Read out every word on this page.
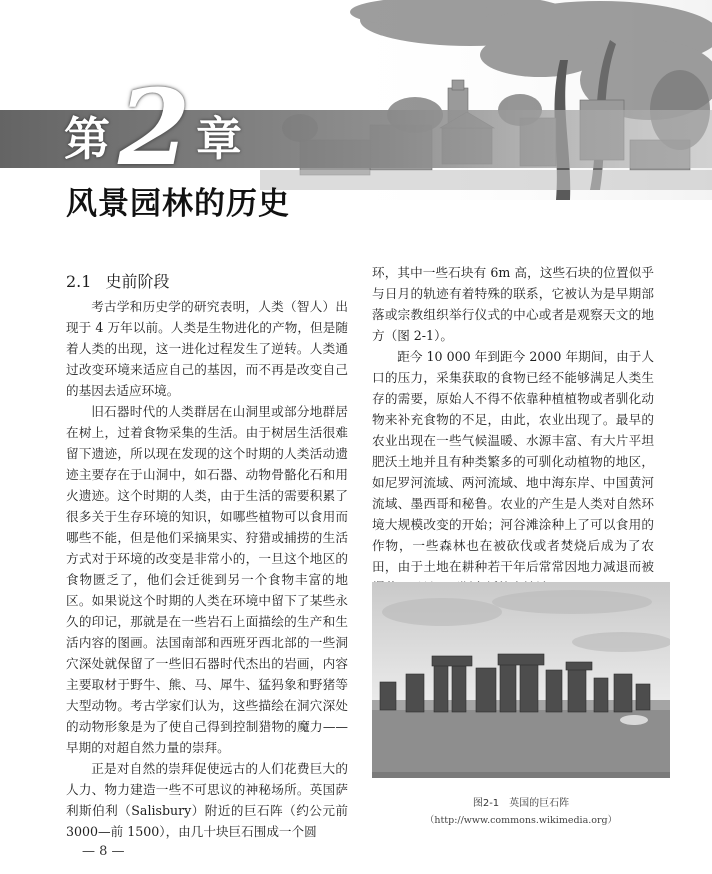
第 2 章
风景园林的历史
2.1 史前阶段

考古学和历史学的研究表明，人类（智人）出现于 4 万年以前。人类是生物进化的产物，但是随着人类的出现，这一进化过程发生了逆转。人类通过改变环境来适应自己的基因，而不再是改变自己的基因去适应环境。

旧石器时代的人类群居在山洞里或部分地群居在树上，过着食物采集的生活。由于树居生活很难留下遗迹，所以现在发现的这个时期的人类活动遗迹主要存在于山洞中，如石器、动物骨骼化石和用火遗迹。这个时期的人类，由于生活的需要积累了很多关于生存环境的知识，如哪些植物可以食用而哪些不能，但是他们采摘果实、狩猎或捕捞的生活方式对于环境的改变是非常小的，一旦这个地区的食物匮乏了，他们会迁徙到另一个食物丰富的地区。如果说这个时期的人类在环境中留下了某些永久的印记，那就是在一些岩石上面描绘的生产和生活内容的图画。法国南部和西班牙西北部的一些洞穴深处就保留了一些旧石器时代杰出的岩画，内容主要取材于野牛、熊、马、犀牛、猛犸象和野猪等大型动物。考古学家们认为，这些描绘在洞穴深处的动物形象是为了使自己得到控制猎物的魔力——早期的对超自然力量的崇拜。

正是对自然的崇拜促使远古的人们花费巨大的人力、物力建造一些不可思议的神秘场所。英国萨利斯伯利（Salisbury）附近的巨石阵（约公元前 3000—前 1500），由几十块巨石围成一个圆

环，其中一些石块有 6m 高，这些石块的位置似乎与日月的轨迹有着特殊的联系，它被认为是早期部落或宗教组织举行仪式的中心或者是观察天文的地方（图 2-1）。

距今 10 000 年到距今 2000 年期间，由于人口的压力，采集获取的食物已经不能够满足人类生存的需要，原始人不得不依靠种植植物或者驯化动物来补充食物的不足，由此，农业出现了。最早的农业出现在一些气候温暖、水源丰富、有大片平坦肥沃土地并且有种类繁多的可驯化动植物的地区，如尼罗河流域、两河流域、地中海东岸、中国黄河流域、墨西哥和秘鲁。农业的产生是人类对自然环境大规模改变的开始；河谷滩涂种上了可以食用的作物，一些森林也在被砍伐或者焚烧后成为了农田，由于土地在耕种若干年后常常因地力减退而被

图2-1　英国的巨石阵
（http://www.commons.wikimedia.org）
— 8 —
